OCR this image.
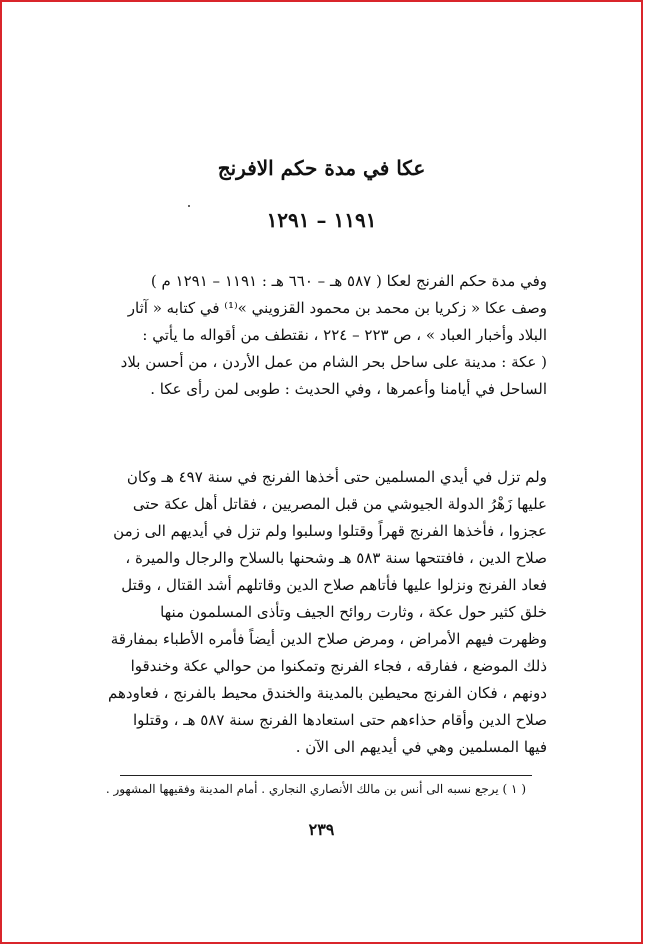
عكا في مدة حكم الافرنج
١١٩١ – ١٢٩١

وفي مدة حكم الفرنج لعكا ( ٥٨٧ هـ – ٦٦٠ هـ : ١١٩١ – ١٢٩١ م )

وصف عكا « زكريا بن محمد بن محمود القزويني »⁽¹⁾ في كتابه « آثار

البلاد وأخبار العباد » ، ص ٢٢٣ – ٢٢٤ ، نقتطف من أقواله ما يأتي :

( عكة : مدينة على ساحل بحر الشام من عمل الأردن ، من أحسن بلاد

الساحل في أيامنا وأعمرها ، وفي الحديث : طوبى لمن رأى عكا .

ولم تزل في أيدي المسلمين حتى أخذها الفرنج في سنة ٤٩٧ هـ وكان

عليها زَهْرُ الدولة الجيوشي من قبل المصريين ، فقاتل أهل عكة حتى

عجزوا ، فأخذها الفرنج قهراً وقتلوا وسلبوا ولم تزل في أيديهم الى زمن

صلاح الدين ، فافتتحها سنة ٥٨٣ هـ وشحنها بالسلاح والرجال والميرة ،

فعاد الفرنج ونزلوا عليها فأتاهم صلاح الدين وقاتلهم أشد القتال ، وقتل

خلق كثير حول عكة ، وثارت روائح الجيف وتأذى المسلمون منها

وظهرت فيهم الأمراض ، ومرض صلاح الدين أيضاً فأمره الأطباء بمفارقة

ذلك الموضع ، ففارقه ، فجاء الفرنج وتمكنوا من حوالي عكة وخندقوا

دونهم ، فكان الفرنج محيطين بالمدينة والخندق محيط بالفرنج ، فعاودهم

صلاح الدين وأقام حذاءهم حتى استعادها الفرنج سنة ٥٨٧ هـ ، وقتلوا

فيها المسلمين وهي في أيديهم الى الآن .

( ١ ) يرجع نسبه الى أنس بن مالك الأنصاري النجاري . أمام المدينة وفقيهها المشهور .
٢٣٩
